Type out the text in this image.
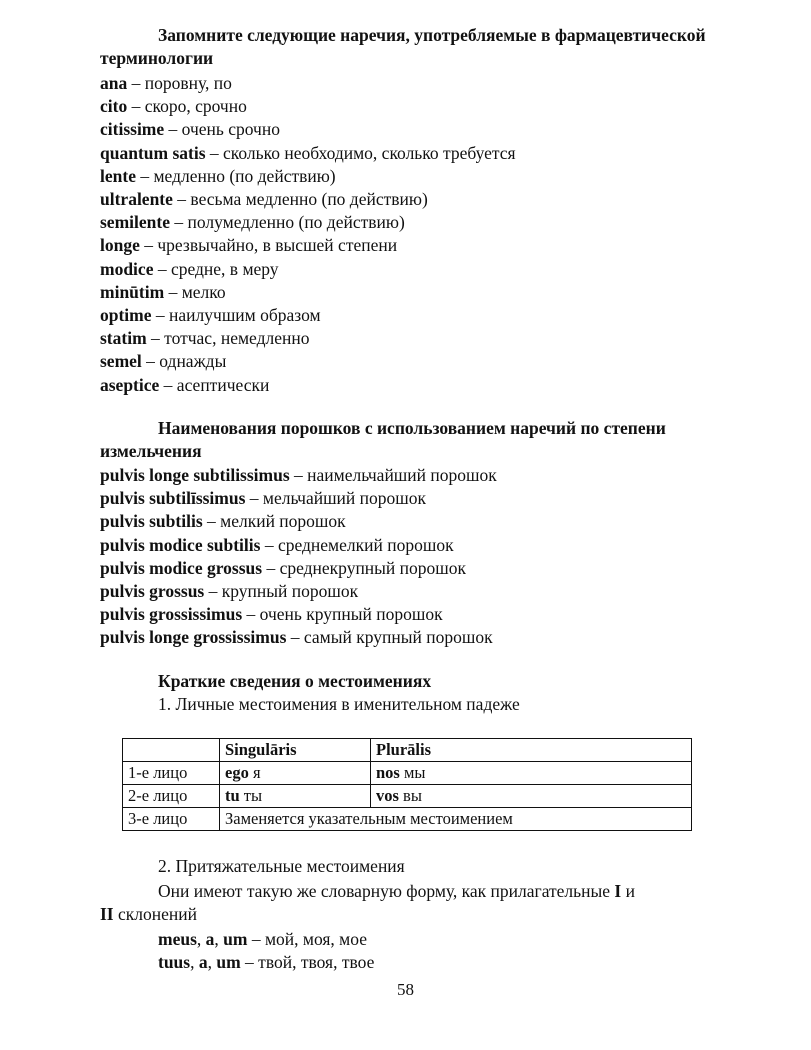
Запомните следующие наречия, употребляемые в фармацевтической терминологии

ana – поровну, по
cito – скоро, срочно
citissime – очень срочно
quantum satis – сколько необходимо, сколько требуется
lente – медленно (по действию)
ultralente – весьма медленно (по действию)
semilente – полумедленно (по действию)
longe – чрезвычайно, в высшей степени
modice – средне, в меру
minūtim – мелко
optime – наилучшим образом
statim – тотчас, немедленно
semel – однажды
aseptice – асептически

Наименования порошков с использованием наречий по степени измельчения

pulvis longe subtilissimus – наимельчайший порошок
pulvis subtilīssimus – мельчайший порошок
pulvis subtilis – мелкий порошок
pulvis modice subtilis – среднемелкий порошок
pulvis modice grossus – среднекрупный порошок
pulvis grossus – крупный порошок
pulvis grossissimus – очень крупный порошок
pulvis longe grossissimus – самый крупный порошок

Краткие сведения о местоимениях

1. Личные местоимения в именительном падеже

	Singulāris	Plurālis
1-е лицо	ego я	nos мы
2-е лицо	tu ты	vos вы
3-е лицо	Заменяется указательным местоимением	

2. Притяжательные местоимения

Они имеют такую же словарную форму, как прилагательные I и

II склонений

meus, a, um – мой, моя, мое

tuus, a, um – твой, твоя, твое

58
